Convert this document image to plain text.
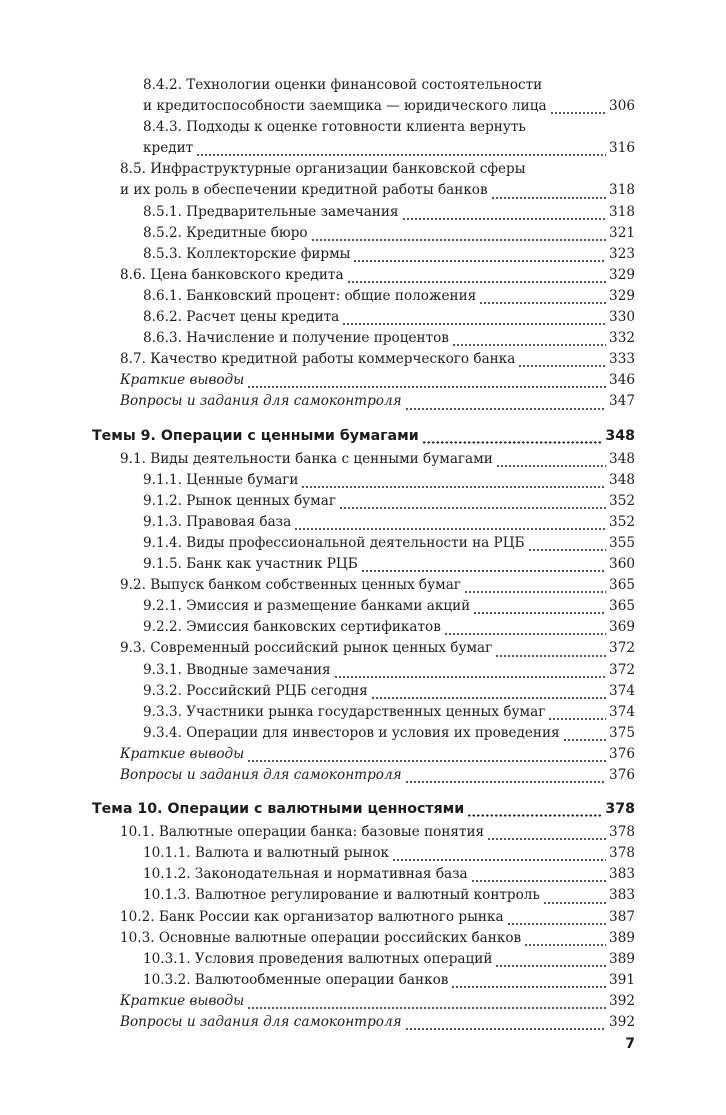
8.4.2. Технологии оценки финансовой состоятельности
и кредитоспособности заемщика — юридического лица	306
8.4.3. Подходы к оценке готовности клиента вернуть
кредит	316
8.5. Инфраструктурные организации банковской сферы
и их роль в обеспечении кредитной работы банков	318
8.5.1. Предварительные замечания	318
8.5.2. Кредитные бюро	321
8.5.3. Коллекторские фирмы	323
8.6. Цена банковского кредита	329
8.6.1. Банковский процент: общие положения	329
8.6.2. Расчет цены кредита	330
8.6.3. Начисление и получение процентов	332
8.7. Качество кредитной работы коммерческого банка	333
Краткие выводы	346
Вопросы и задания для самоконтроля	347
Темы 9. Операции с ценными бумагами	348
9.1. Виды деятельности банка с ценными бумагами	348
9.1.1. Ценные бумаги	348
9.1.2. Рынок ценных бумаг	352
9.1.3. Правовая база	352
9.1.4. Виды профессиональной деятельности на РЦБ	355
9.1.5. Банк как участник РЦБ	360
9.2. Выпуск банком собственных ценных бумаг	365
9.2.1. Эмиссия и размещение банками акций	365
9.2.2. Эмиссия банковских сертификатов	369
9.3. Современный российский рынок ценных бумаг	372
9.3.1. Вводные замечания	372
9.3.2. Российский РЦБ сегодня	374
9.3.3. Участники рынка государственных ценных бумаг	374
9.3.4. Операции для инвесторов и условия их проведения	375
Краткие выводы	376
Вопросы и задания для самоконтроля	376
Тема 10. Операции с валютными ценностями	378
10.1. Валютные операции банка: базовые понятия	378
10.1.1. Валюта и валютный рынок	378
10.1.2. Законодательная и нормативная база	383
10.1.3. Валютное регулирование и валютный контроль	383
10.2. Банк России как организатор валютного рынка	387
10.3. Основные валютные операции российских банков	389
10.3.1. Условия проведения валютных операций	389
10.3.2. Валютообменные операции банков	391
Краткие выводы	392
Вопросы и задания для самоконтроля	392
7
